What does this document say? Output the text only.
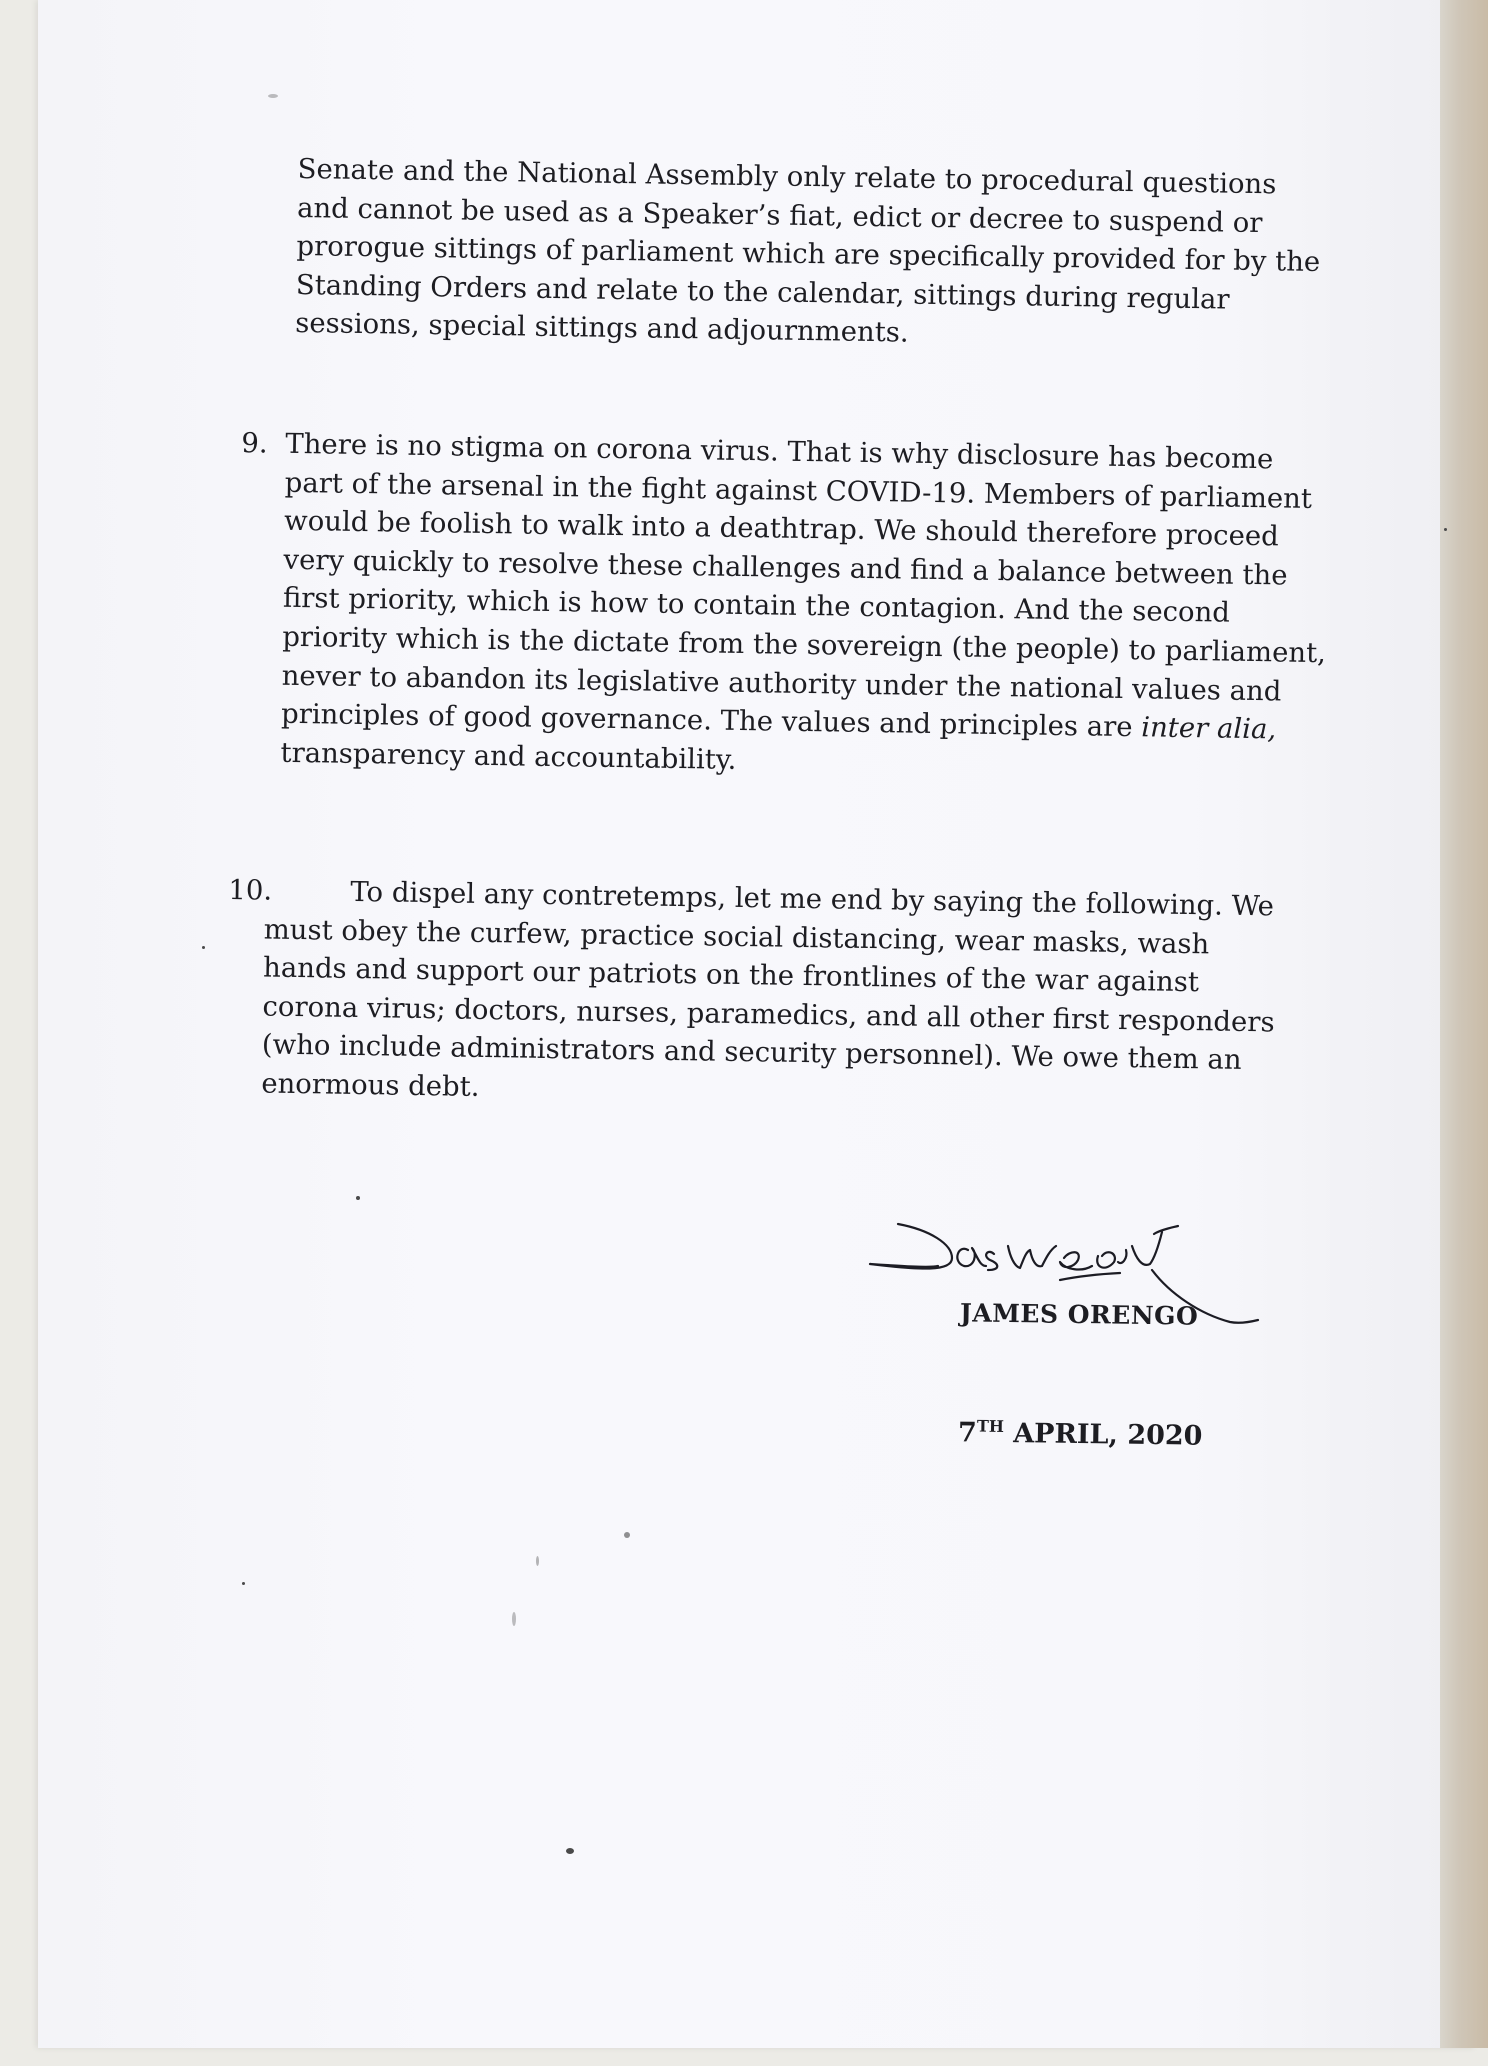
Senate and the National Assembly only relate to procedural questions
and cannot be used as a Speaker’s fiat, edict or decree to suspend or
prorogue sittings of parliament which are specifically provided for by the
Standing Orders and relate to the calendar, sittings during regular
sessions, special sittings and adjournments.
9. There is no stigma on corona virus. That is why disclosure has become
part of the arsenal in the fight against COVID-19. Members of parliament
would be foolish to walk into a deathtrap. We should therefore proceed
very quickly to resolve these challenges and find a balance between the
first priority, which is how to contain the contagion. And the second
priority which is the dictate from the sovereign (the people) to parliament,
never to abandon its legislative authority under the national values and
principles of good governance. The values and principles are inter alia,
transparency and accountability.
10.	To dispel any contretemps, let me end by saying the following. We
must obey the curfew, practice social distancing, wear masks, wash
hands and support our patriots on the frontlines of the war against
corona virus; doctors, nurses, paramedics, and all other first responders
(who include administrators and security personnel). We owe them an
enormous debt.
JAMES ORENGO
7TH APRIL, 2020
